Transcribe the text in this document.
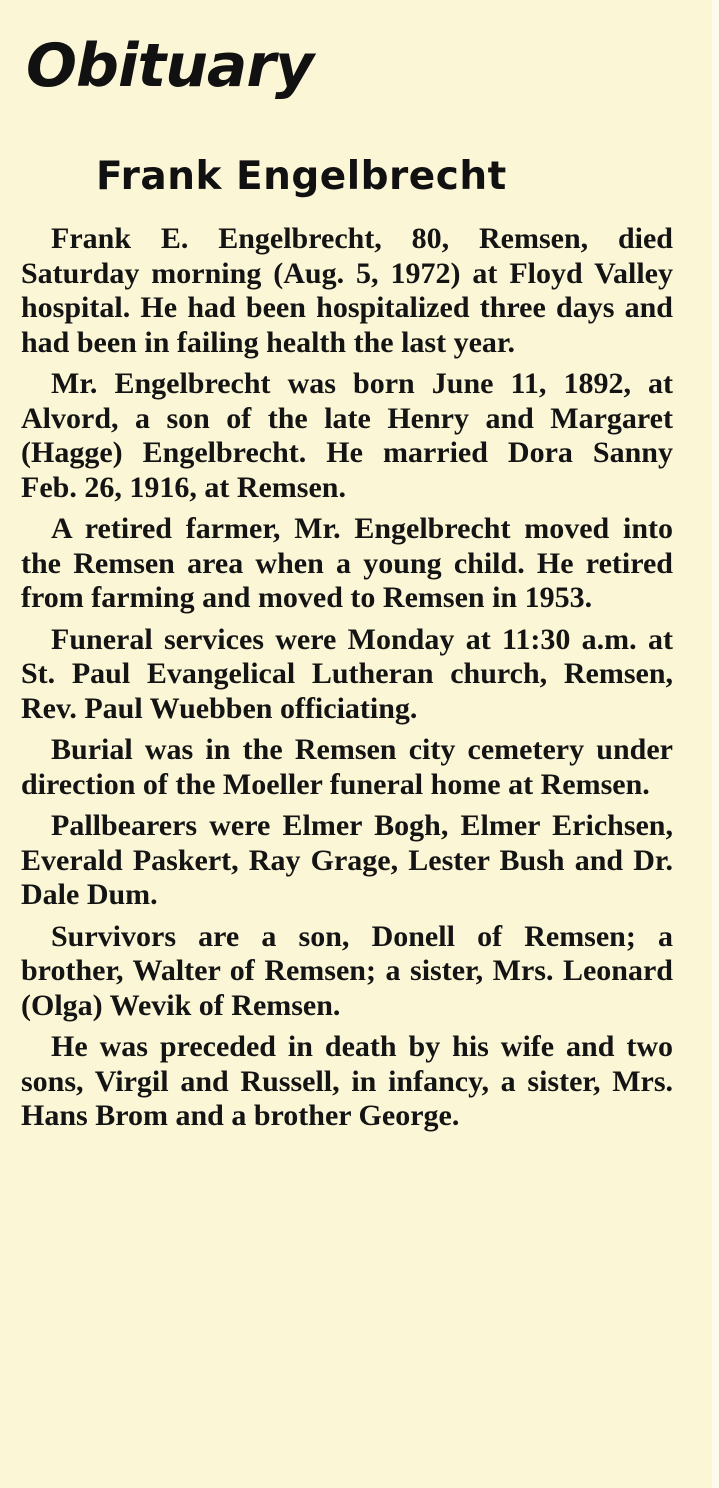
Obituary
Frank Engelbrecht

Frank E. Engelbrecht, 80, Remsen, died Saturday morning (Aug. 5, 1972) at Floyd Valley hospital. He had been hospitalized three days and had been in failing health the last year.

Mr. Engelbrecht was born June 11, 1892, at Alvord, a son of the late Henry and Margaret (Hagge) Engelbrecht. He married Dora Sanny Feb. 26, 1916, at Remsen.

A retired farmer, Mr. Engelbrecht moved into the Remsen area when a young child. He retired from farming and moved to Remsen in 1953.

Funeral services were Monday at 11:30 a.m. at St. Paul Evangelical Lutheran church, Remsen, Rev. Paul Wuebben officiating.

Burial was in the Remsen city cemetery under direction of the Moeller funeral home at Remsen.

Pallbearers were Elmer Bogh, Elmer Erichsen, Everald Paskert, Ray Grage, Lester Bush and Dr. Dale Dum.

Survivors are a son, Donell of Remsen; a brother, Walter of Remsen; a sister, Mrs. Leonard (Olga) Wevik of Remsen.

He was preceded in death by his wife and two sons, Virgil and Russell, in infancy, a sister, Mrs. Hans Brom and a brother George.
